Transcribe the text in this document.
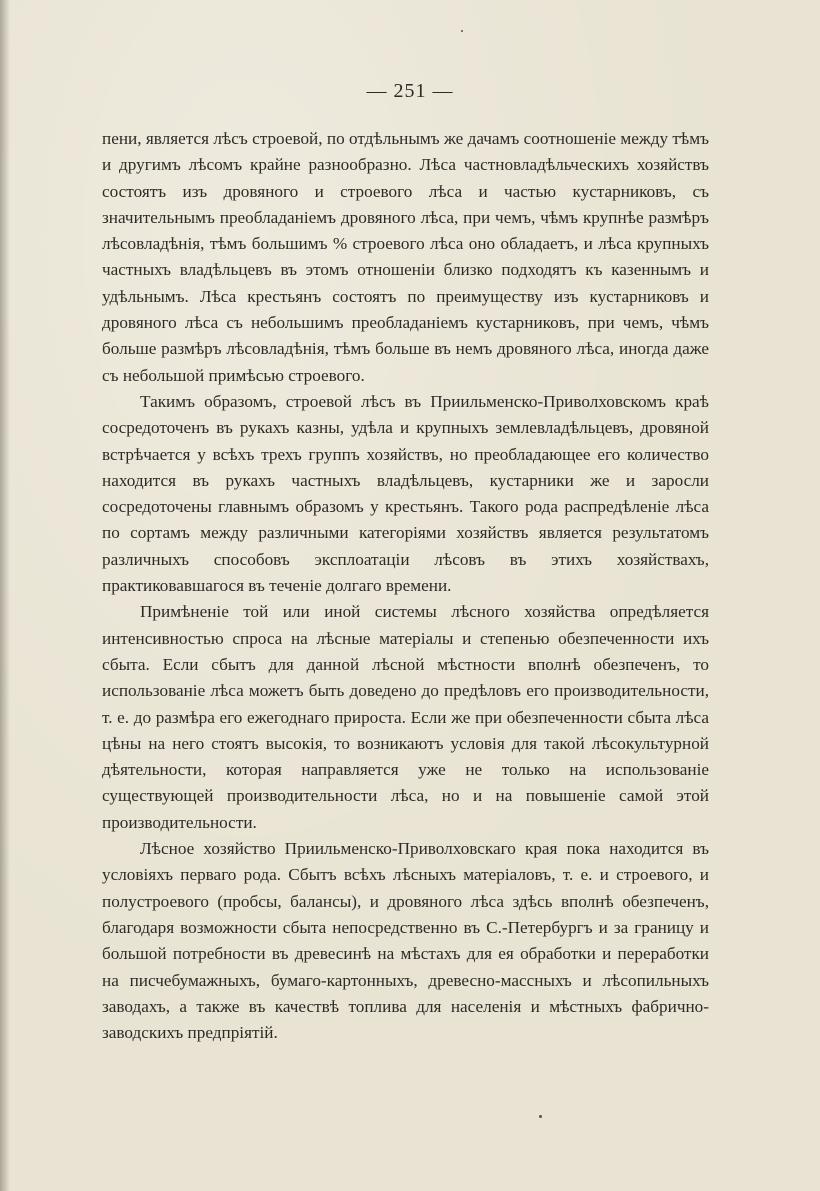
— 251 —

пени, является лѣсъ строевой, по отдѣльнымъ же дачамъ соотношеніе между тѣмъ и другимъ лѣсомъ крайне разнообразно. Лѣса частновладѣльческихъ хозяйствъ состоятъ изъ дровяного и строевого лѣса и частью кустарниковъ, съ значительнымъ преобладаніемъ дровяного лѣса, при чемъ, чѣмъ крупнѣе размѣръ лѣсовладѣнія, тѣмъ большимъ % строевого лѣса оно обладаетъ, и лѣса крупныхъ частныхъ владѣльцевъ въ этомъ отношеніи близко подходятъ къ казеннымъ и удѣльнымъ. Лѣса крестьянъ состоятъ по преимуществу изъ кустарниковъ и дровяного лѣса съ небольшимъ преобладаніемъ кустарниковъ, при чемъ, чѣмъ больше размѣръ лѣсовладѣнія, тѣмъ больше въ немъ дровяного лѣса, иногда даже съ небольшой примѣсью строевого.

Такимъ образомъ, строевой лѣсъ въ Приильменско-Приволховскомъ краѣ сосредоточенъ въ рукахъ казны, удѣла и крупныхъ землевладѣльцевъ, дровяной встрѣчается у всѣхъ трехъ группъ хозяйствъ, но преобладающее его количество находится въ рукахъ частныхъ владѣльцевъ, кустарники же и заросли сосредоточены главнымъ образомъ у крестьянъ. Такого рода распредѣленіе лѣса по сортамъ между различными категоріями хозяйствъ является результатомъ различныхъ способовъ эксплоатаціи лѣсовъ въ этихъ хозяйствахъ, практиковавшагося въ теченіе долгаго времени.

Примѣненіе той или иной системы лѣсного хозяйства опредѣляется интенсивностью спроса на лѣсные матеріалы и степенью обезпеченности ихъ сбыта. Если сбытъ для данной лѣсной мѣстности вполнѣ обезпеченъ, то использованіе лѣса можетъ быть доведено до предѣловъ его производительности, т. е. до размѣра его ежегоднаго прироста. Если же при обезпеченности сбыта лѣса цѣны на него стоятъ высокія, то возникаютъ условія для такой лѣсокультурной дѣятельности, которая направляется уже не только на использованіе существующей производительности лѣса, но и на повышеніе самой этой производительности.

Лѣсное хозяйство Приильменско-Приволховскаго края пока находится въ условіяхъ перваго рода. Сбытъ всѣхъ лѣсныхъ матеріаловъ, т. е. и строевого, и полустроевого (пробсы, балансы), и дровяного лѣса здѣсь вполнѣ обезпеченъ, благодаря возможности сбыта непосредственно въ С.-Петербургъ и за границу и большой потребности въ древесинѣ на мѣстахъ для ея обработки и переработки на писчебумажныхъ, бумаго-картонныхъ, древесно-массныхъ и лѣсопильныхъ заводахъ, а также въ качествѣ топлива для населенія и мѣстныхъ фабрично-заводскихъ предпріятій.
